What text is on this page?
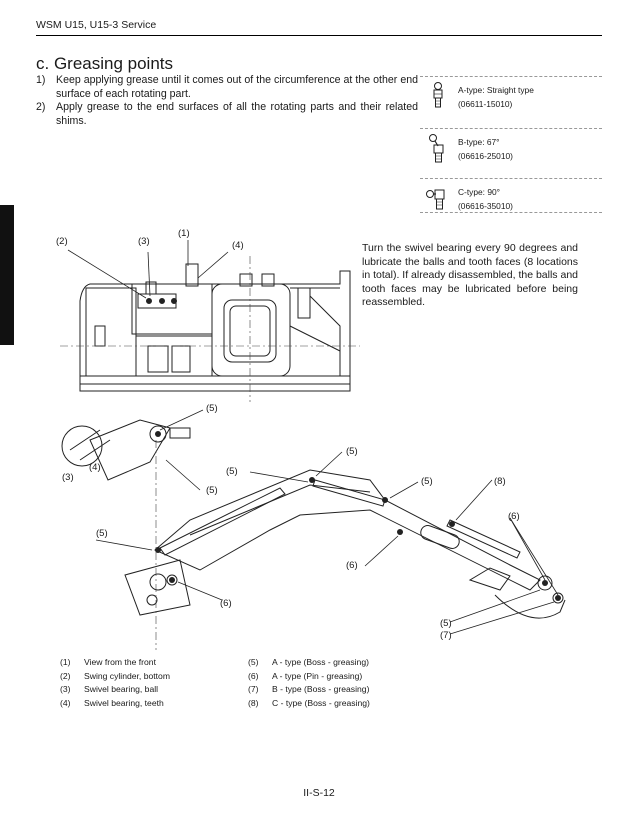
WSM U15, U15-3 Service
c. Greasing points
1) Keep applying grease until it comes out of the circumference at the other end surface of each rotating part.
2) Apply grease to the end surfaces of all the rotating parts and their related shims.
A-type: Straight type
(06611-15010)
B-type: 67°
(06616-25010)
C-type: 90°
(06616-35010)
Turn the swivel bearing every 90 degrees and lubricate the balls and tooth faces (8 locations in total). If already disassembled, the balls and tooth faces may be lubricated before being reassembled.
(2)	(3)
(1)
(4)
(5)
(5)
(5)
(5)	(8)
(3)
(4)
(5)
(6)
(5)
(6)
(6)
(5)
(7)
(1)	View from the front
(2)	Swing cylinder, bottom
(3)	Swivel bearing, ball
(4)	Swivel bearing, teeth
(5)	A - type (Boss - greasing)
(6)	A - type (Pin - greasing)
(7)	B - type (Boss - greasing)
(8)	C - type (Boss - greasing)
II-S-12
